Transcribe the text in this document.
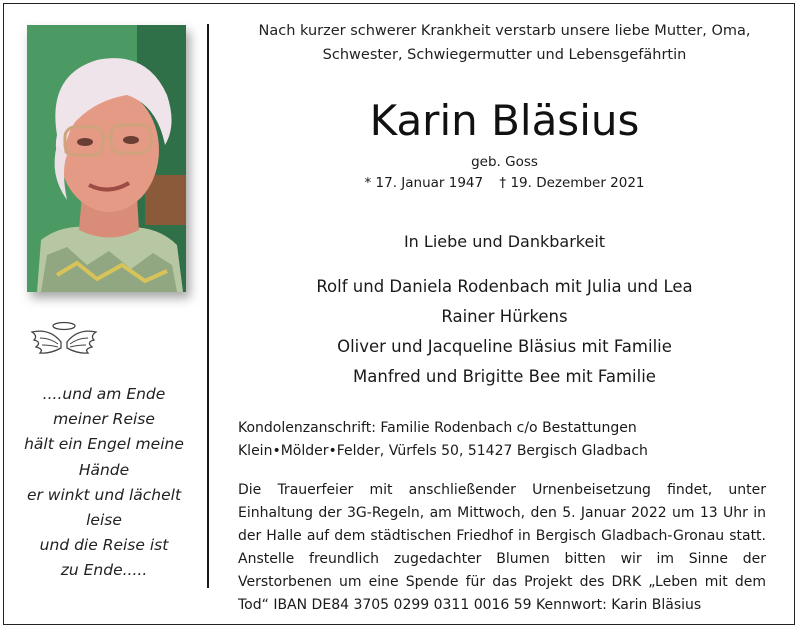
....und am Ende
meiner Reise
hält ein Engel meine
Hände
er winkt und lächelt
leise
und die Reise ist
zu Ende.....
Nach kurzer schwerer Krankheit verstarb unsere liebe Mutter, Oma, Schwester, Schwiegermutter und Lebensgefährtin
Karin Bläsius
geb. Goss
* 17. Januar 1947 † 19. Dezember 2021
In Liebe und Dankbarkeit
Rolf und Daniela Rodenbach mit Julia und Lea
Rainer Hürkens
Oliver und Jacqueline Bläsius mit Familie
Manfred und Brigitte Bee mit Familie
Kondolenzanschrift: Familie Rodenbach c/o Bestattungen
Klein•Mölder•Felder, Vürfels 50, 51427 Bergisch Gladbach
Die Trauerfeier mit anschließender Urnenbeisetzung findet, unter Einhaltung der 3G-Regeln, am Mittwoch, den 5. Januar 2022 um 13 Uhr in der Halle auf dem städtischen Friedhof in Bergisch Gladbach-Gronau statt. Anstelle freundlich zugedachter Blumen bitten wir im Sinne der Verstorbenen um eine Spende für das Projekt des DRK „Leben mit dem Tod“ IBAN DE84 3705 0299 0311 0016 59 Kennwort: Karin Bläsius
